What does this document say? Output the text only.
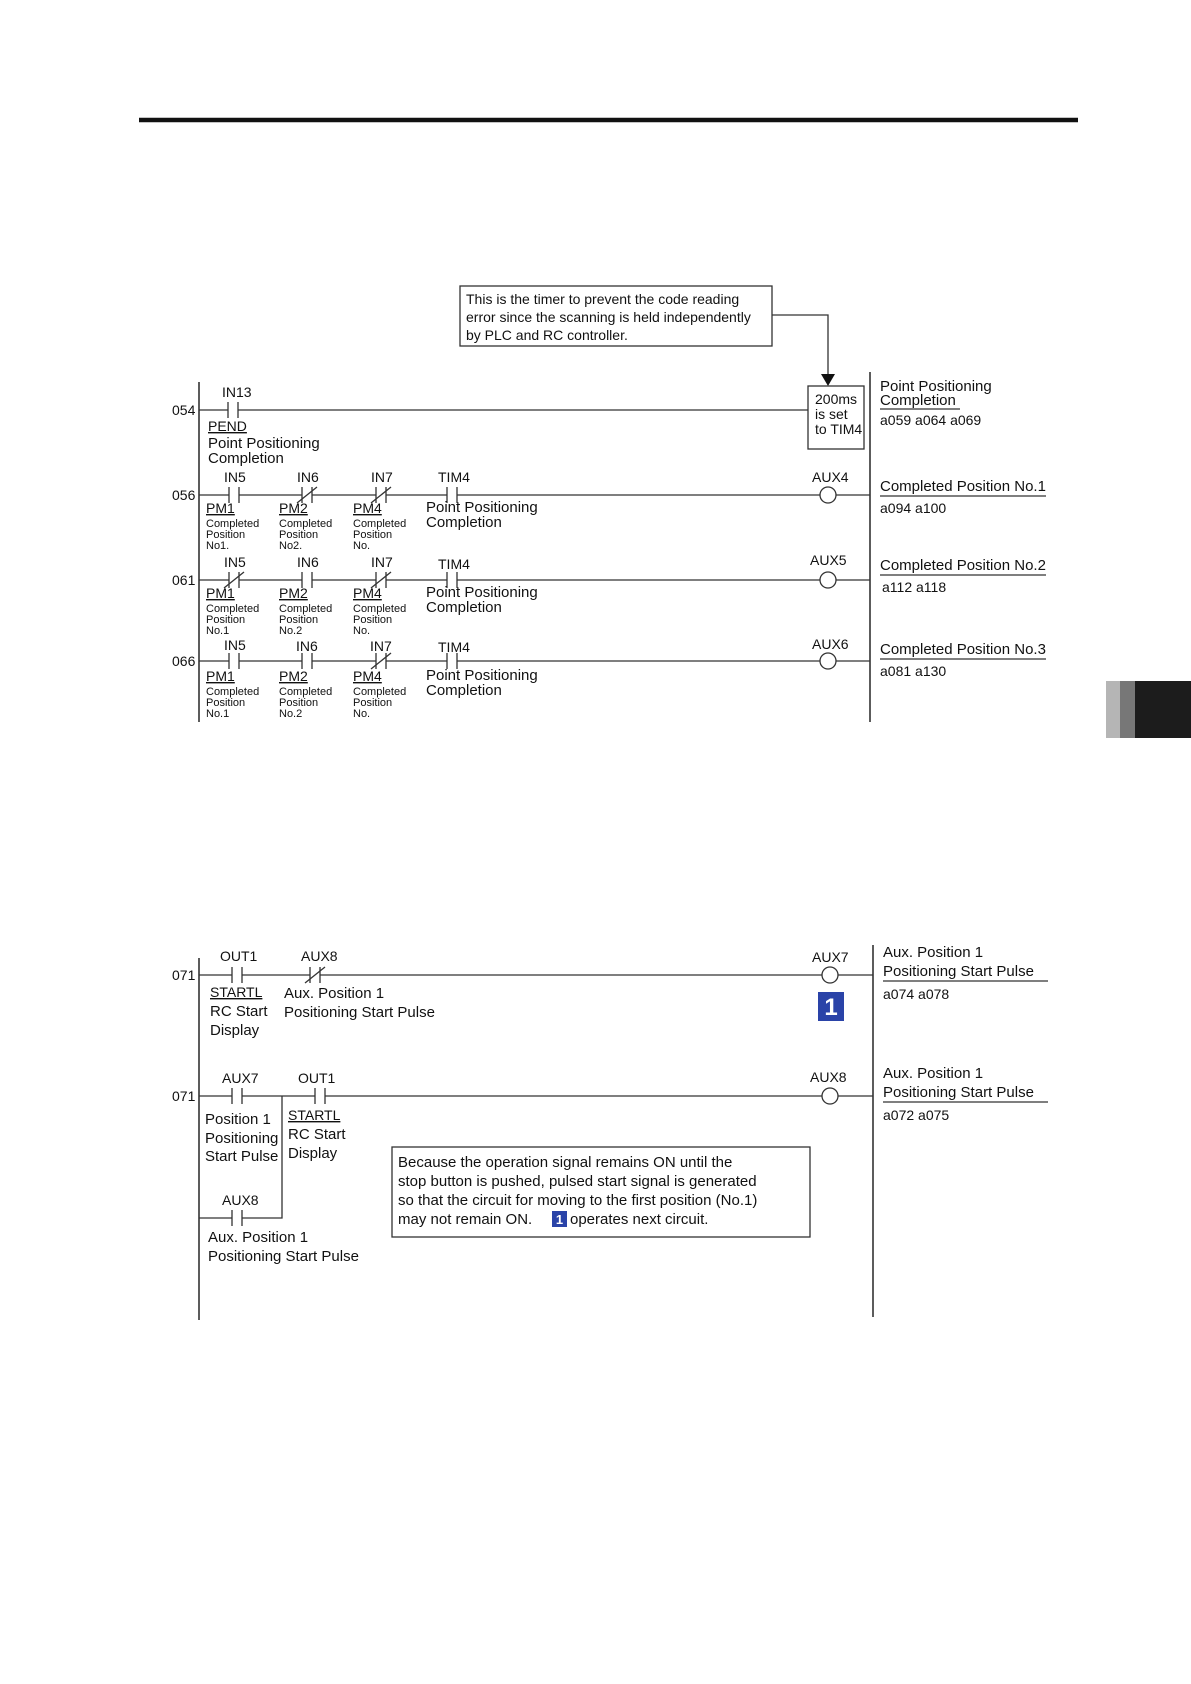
This is the timer to prevent the code reading
error since the scanning is held independently
by PLC and RC controller.
054
IN13
PEND
Point Positioning
Completion
200ms
is set
to TIM4
Point Positioning
Completion
a059 a064 a069
056
IN5	IN6	IN7	TIM4	AUX4
PM1
Completed
Position
No1.
PM2
Completed
Position
No2.
PM4
Completed
Position
No.
Point Positioning
Completion
Completed Position No.1
a094 a100
061
IN5	IN6	IN7	TIM4	AUX5
PM1
Completed
Position
No.1
PM2
Completed
Position
No.2
PM4
Completed
Position
No.
Point Positioning
Completion
Completed Position No.2
a112 a118
066
IN5	IN6	IN7	TIM4	AUX6
PM1
Completed
Position
No.1
PM2
Completed
Position
No.2
PM4
Completed
Position
No.
Point Positioning
Completion
Completed Position No.3
a081 a130
071
OUT1	AUX8	AUX7
STARTL
RC Start
Display
Aux. Position 1
Positioning Start Pulse	1
Aux. Position 1
Positioning Start Pulse
a074 a078
071
AUX7	OUT1	AUX8
Position 1
Positioning
Start Pulse
STARTL
RC Start
Display
AUX8
Aux. Position 1
Positioning Start Pulse
Aux. Position 1
Positioning Start Pulse
a072 a075
Because the operation signal remains ON until the
stop button is pushed, pulsed start signal is generated
so that the circuit for moving to the first position (No.1)
may not remain ON. 1 operates next circuit.
